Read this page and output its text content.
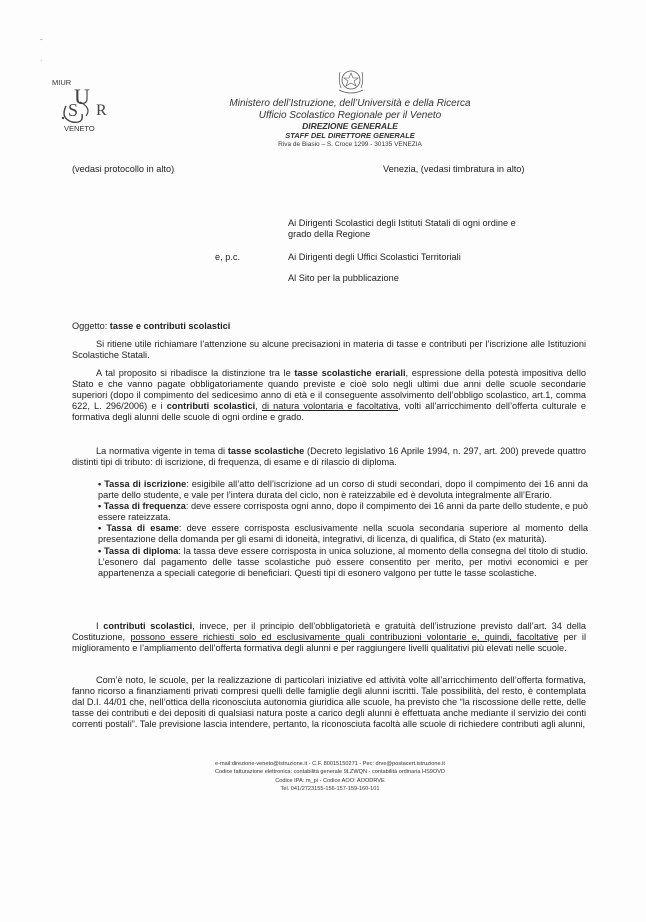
˜
·
MIUR
U
S R
VENETO
Ministero dell’Istruzione, dell’Università e della Ricerca
Ufficio Scolastico Regionale per il Veneto
DIREZIONE GENERALE
STAFF DEL DIRETTORE GENERALE
Riva de Biasio – S. Croce 1299 - 30135 VENEZIA
(vedasi protocollo in alto)	Venezia, (vedasi timbratura in alto)
Ai Dirigenti Scolastici degli Istituti Statali di ogni ordine e
grado della Regione
e, p.c.	Ai Dirigenti degli Uffici Scolastici Territoriali
Al Sito per la pubblicazione
Oggetto: tasse e contributi scolastici

Si ritiene utile richiamare l’attenzione su alcune precisazioni in materia di tasse e contributi per l’iscrizione alle Istituzioni Scolastiche Statali.

A tal proposito si ribadisce la distinzione tra le tasse scolastiche erariali, espressione della potestà impositiva dello Stato e che vanno pagate obbligatoriamente quando previste e cioè solo negli ultimi due anni delle scuole secondarie superiori (dopo il compimento del sedicesimo anno di età e il conseguente assolvimento dell’obbligo scolastico, art.1, comma 622, L. 296/2006) e i contributi scolastici, di natura volontaria e facoltativa, volti all’arricchimento dell’offerta culturale e formativa degli alunni delle scuole di ogni ordine e grado.

La normativa vigente in tema di tasse scolastiche (Decreto legislativo 16 Aprile 1994, n. 297, art. 200) prevede quattro distinti tipi di tributo: di iscrizione, di frequenza, di esame e di rilascio di diploma.

• Tassa di iscrizione: esigibile all’atto dell’iscrizione ad un corso di studi secondari, dopo il compimento dei 16 anni da parte dello studente, e vale per l’intera durata del ciclo, non è rateizzabile ed è devoluta integralmente all’Erario.
• Tassa di frequenza: deve essere corrisposta ogni anno, dopo il compimento dei 16 anni da parte dello studente, e può essere rateizzata.
• Tassa di esame: deve essere corrisposta esclusivamente nella scuola secondaria superiore al momento della presentazione della domanda per gli esami di idoneità, integrativi, di licenza, di qualifica, di Stato (ex maturità).
• Tassa di diploma: la tassa deve essere corrisposta in unica soluzione, al momento della consegna del titolo di studio. L’esonero dal pagamento delle tasse scolastiche può essere consentito per merito, per motivi economici e per appartenenza a speciali categorie di beneficiari. Questi tipi di esonero valgono per tutte le tasse scolastiche.

I contributi scolastici, invece, per il principio dell’obbligatorietà e gratuità dell’istruzione previsto dall’art. 34 della Costituzione, possono essere richiesti solo ed esclusivamente quali contribuzioni volontarie e, quindi, facoltative per il miglioramento e l’ampliamento dell’offerta formativa degli alunni e per raggiungere livelli qualitativi più elevati nelle scuole.

Com’è noto, le scuole, per la realizzazione di particolari iniziative ed attività volte all’arricchimento dell’offerta formativa, fanno ricorso a finanziamenti privati compresi quelli delle famiglie degli alunni iscritti. Tale possibilità, del resto, è contemplata dal D.I. 44/01 che, nell’ottica della riconosciuta autonomia giuridica alle scuole, ha previsto che “la riscossione delle rette, delle tasse dei contributi e dei depositi di qualsiasi natura poste a carico degli alunni è effettuata anche mediante il servizio dei conti correnti postali”. Tale previsione lascia intendere, pertanto, la riconosciuta facoltà alle scuole di richiedere contributi agli alunni,

e-mail:direzione-veneto@istruzione.it - C.F. 80015150271 - Pec: drve@postacert.istruzione.it
Codice fatturazione elettronica: contabilità generale 9LZWQN - contabilità ordinaria HS9OVD
Codice IPA: m_pi - Codice AOO: AOODRVE
Tel. 041/2723155-156-157-159-160-101
